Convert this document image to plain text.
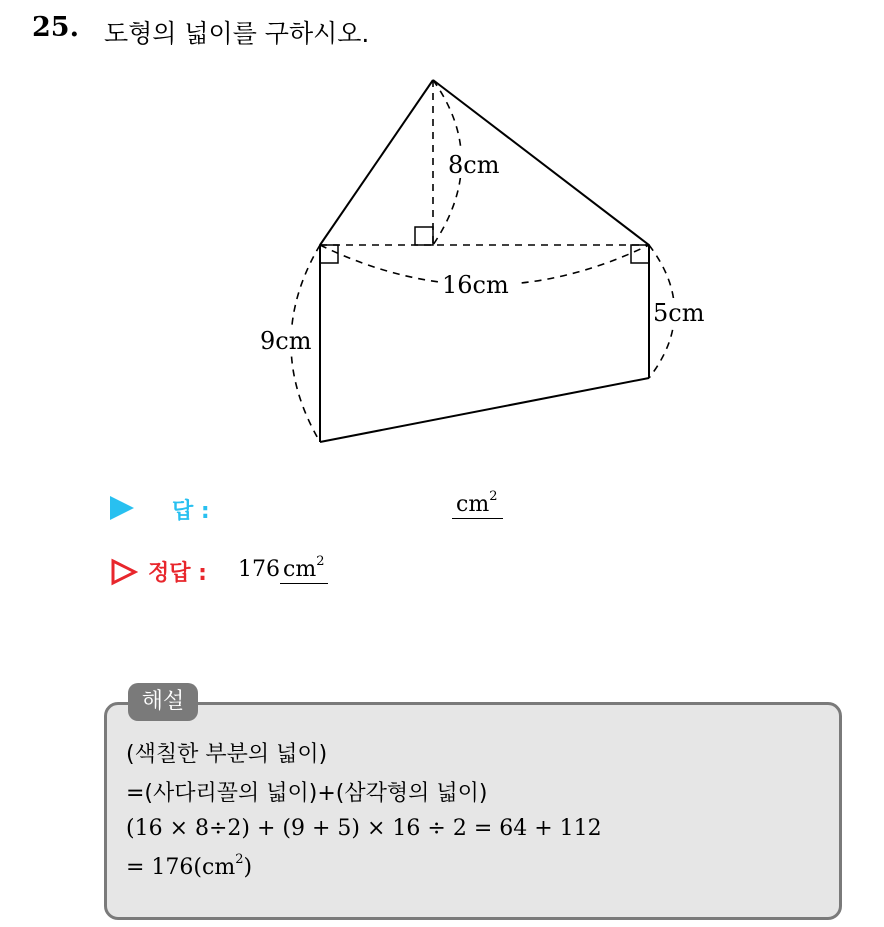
25. 도형의 넓이를 구하시오.
8cm
16cm
5cm
9cm
답 :	$cm^2$
정답 : 176 $cm^2$
해설
(색칠한 부분의 넓이)
=(사다리꼴의 넓이)+(삼각형의 넓이)
(16 × 8÷2) + (9 + 5) × 16 ÷ 2 = 64 + 112
= $176(cm^2)$
